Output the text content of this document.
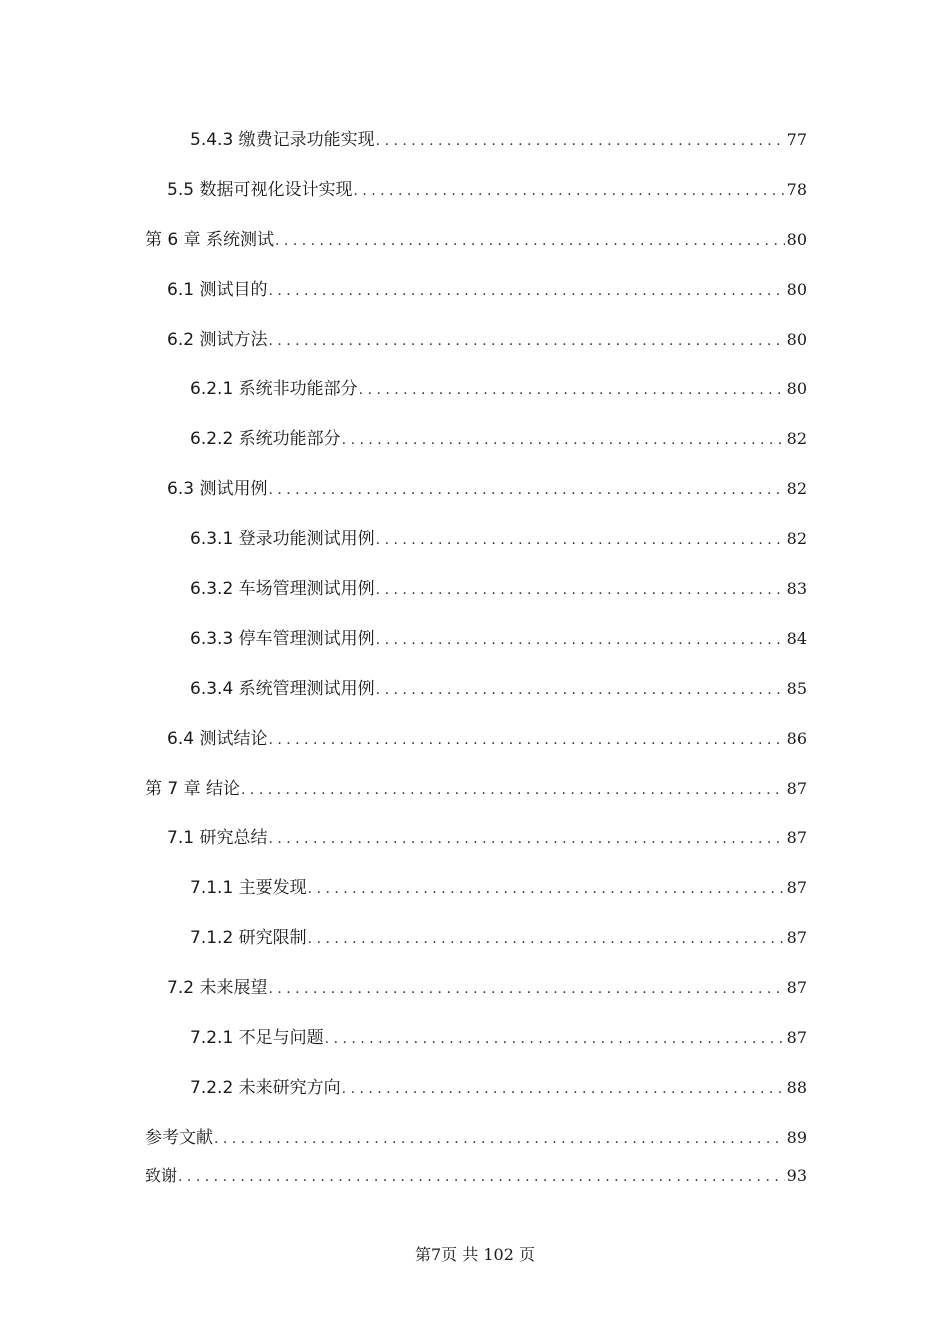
5.4.3 缴费记录功能实现 . . .	77
5.5 数据可视化设计实现 . . .	78
第 6 章 系统测试 . . .	80
6.1 测试目的 . . .	80
6.2 测试方法 . . .	80
6.2.1 系统非功能部分 . . .	80
6.2.2 系统功能部分 . . .	82
6.3 测试用例 . . .	82
6.3.1 登录功能测试用例 . . .	82
6.3.2 车场管理测试用例 . . .	83
6.3.3 停车管理测试用例 . . .	84
6.3.4 系统管理测试用例 . . .	85
6.4 测试结论 . . .	86
第 7 章 结论 . . .	87
7.1 研究总结 . . .	87
7.1.1 主要发现 . . .	87
7.1.2 研究限制 . . .	87
7.2 未来展望 . . .	87
7.2.1 不足与问题 . . .	87
7.2.2 未来研究方向 . . .	88
参考文献 . . .	89
致谢 . . .	93
第7页 共 102 页
